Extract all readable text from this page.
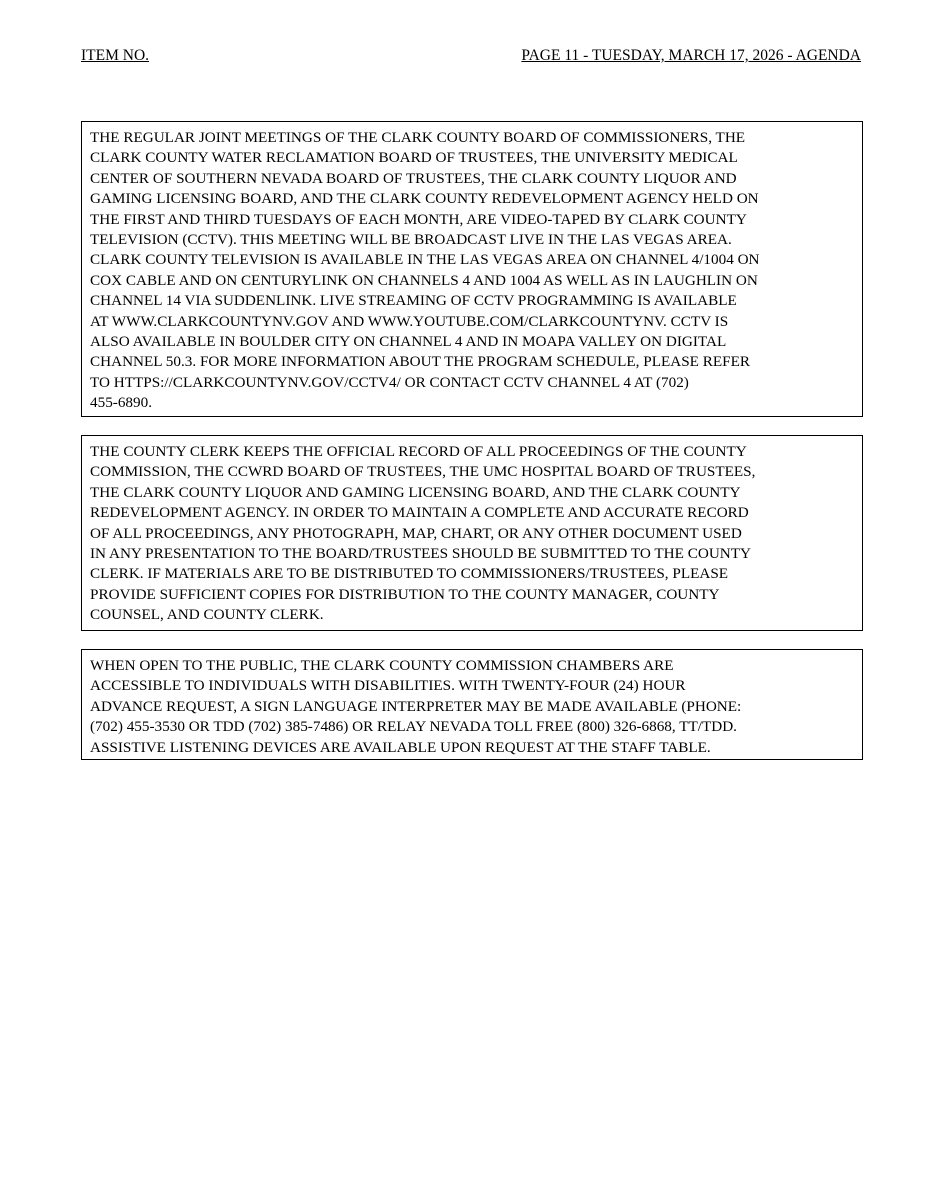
ITEM NO.	PAGE 11 - TUESDAY, MARCH 17, 2026 - AGENDA
THE REGULAR JOINT MEETINGS OF THE CLARK COUNTY BOARD OF COMMISSIONERS, THE
CLARK COUNTY WATER RECLAMATION BOARD OF TRUSTEES, THE UNIVERSITY MEDICAL
CENTER OF SOUTHERN NEVADA BOARD OF TRUSTEES, THE CLARK COUNTY LIQUOR AND
GAMING LICENSING BOARD, AND THE CLARK COUNTY REDEVELOPMENT AGENCY HELD ON
THE FIRST AND THIRD TUESDAYS OF EACH MONTH, ARE VIDEO-TAPED BY CLARK COUNTY
TELEVISION (CCTV). THIS MEETING WILL BE BROADCAST LIVE IN THE LAS VEGAS AREA.
CLARK COUNTY TELEVISION IS AVAILABLE IN THE LAS VEGAS AREA ON CHANNEL 4/1004 ON
COX CABLE AND ON CENTURYLINK ON CHANNELS 4 AND 1004 AS WELL AS IN LAUGHLIN ON
CHANNEL 14 VIA SUDDENLINK. LIVE STREAMING OF CCTV PROGRAMMING IS AVAILABLE
AT WWW.CLARKCOUNTYNV.GOV AND WWW.YOUTUBE.COM/CLARKCOUNTYNV. CCTV IS
ALSO AVAILABLE IN BOULDER CITY ON CHANNEL 4 AND IN MOAPA VALLEY ON DIGITAL
CHANNEL 50.3. FOR MORE INFORMATION ABOUT THE PROGRAM SCHEDULE, PLEASE REFER
TO HTTPS://CLARKCOUNTYNV.GOV/CCTV4/ OR CONTACT CCTV CHANNEL 4 AT (702)
455-6890.
THE COUNTY CLERK KEEPS THE OFFICIAL RECORD OF ALL PROCEEDINGS OF THE COUNTY
COMMISSION, THE CCWRD BOARD OF TRUSTEES, THE UMC HOSPITAL BOARD OF TRUSTEES,
THE CLARK COUNTY LIQUOR AND GAMING LICENSING BOARD, AND THE CLARK COUNTY
REDEVELOPMENT AGENCY. IN ORDER TO MAINTAIN A COMPLETE AND ACCURATE RECORD
OF ALL PROCEEDINGS, ANY PHOTOGRAPH, MAP, CHART, OR ANY OTHER DOCUMENT USED
IN ANY PRESENTATION TO THE BOARD/TRUSTEES SHOULD BE SUBMITTED TO THE COUNTY
CLERK. IF MATERIALS ARE TO BE DISTRIBUTED TO COMMISSIONERS/TRUSTEES, PLEASE
PROVIDE SUFFICIENT COPIES FOR DISTRIBUTION TO THE COUNTY MANAGER, COUNTY
COUNSEL, AND COUNTY CLERK.
WHEN OPEN TO THE PUBLIC, THE CLARK COUNTY COMMISSION CHAMBERS ARE
ACCESSIBLE TO INDIVIDUALS WITH DISABILITIES. WITH TWENTY-FOUR (24) HOUR
ADVANCE REQUEST, A SIGN LANGUAGE INTERPRETER MAY BE MADE AVAILABLE (PHONE:
(702) 455-3530 OR TDD (702) 385-7486) OR RELAY NEVADA TOLL FREE (800) 326-6868, TT/TDD.
ASSISTIVE LISTENING DEVICES ARE AVAILABLE UPON REQUEST AT THE STAFF TABLE.
